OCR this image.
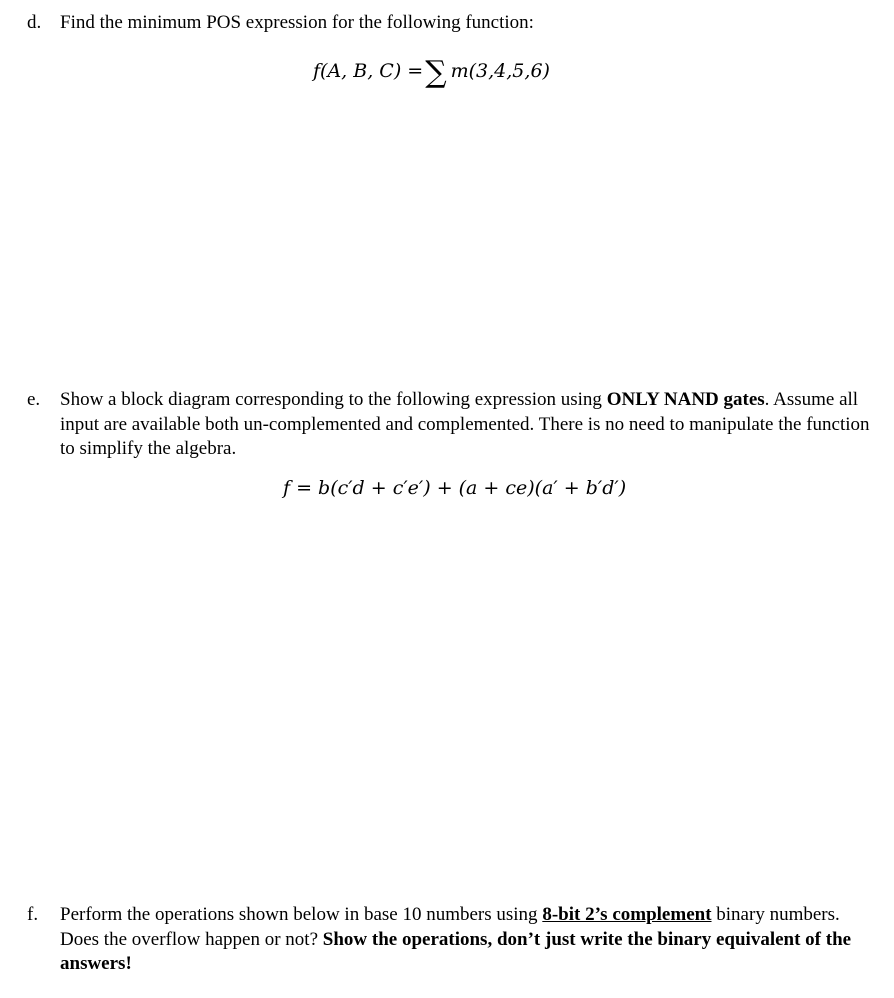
d. Find the minimum POS expression for the following function:
f(A, B, C) =∑ m(3,4,5,6)
e. Show a block diagram corresponding to the following expression using ONLY NAND gates. Assume all input are available both un-complemented and complemented. There is no need to manipulate the function to simplify the algebra.
f = b(c′d + c′e′) + (a + ce)(a′ + b′d′)
f. Perform the operations shown below in base 10 numbers using 8-bit 2’s complement binary numbers. Does the overflow happen or not? Show the operations, don’t just write the binary equivalent of the answers!
